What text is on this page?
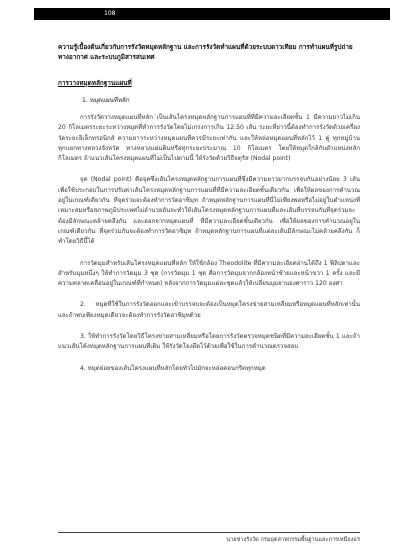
108

ความรู้เบื้องต้นเกี่ยวกับการรังวัดหมุดหลักฐาน และการรังวัดทำแผนที่ด้วยระบบดาวเทียม การทำแผนที่รูปถ่ายทางอากาศ และระบบภูมิสารสนเทศ

การวางหมุดหลักฐานแผนที่

1. หมุดแผนที่หลัก

การรังวัดวางหมุดแผนที่หลัก เป็นเส้นโครงหมุดหลักฐานการแผนที่ที่มีความละเอียดชั้น 1 มีความยาวไม่เกิน 20 กิโลเมตรระยะระหว่างหมุดที่ทำการรังวัดโดยไม่เกรงการเกิน 12.50 เส้น ระยะที่ยาวนี้ต้องทำการรังวัดด้วยเครื่องวัดระยะอิเล็กทรอนิกส์ ความยาวระหว่างหมุดแผนที่ควรมีระยะเท่ากัน และให้หล่อหมุดแผนที่หลักไว้ 1 คู่ ทุกหมู่บ้าน ทุกแยกทางหลวงจังหวัด ทางหลวงแผ่นดินหรือทุกระยะประมาณ 10 กิโลเมตร โดยให้หมุดใกล้กับตำแหน่งหลักกิโลเมตร ถ้าแนวเส้นโครงหมุดแผนที่ไม่เป็นไปตามนี้ ให้รังวัดด้วยวิธีจตุรัส (Nodal point)

จุด (Nodal point) คือจุดซึ่งเส้นโครงหมุดหลักฐานการแผนที่ซึ่งมีความยาวมากบรรจบกันอย่างน้อย 3 เส้น เพื่อใช้ประกอบในการปรับค่าเส้นโครงหมุดหลักฐานการแผนที่ที่มีความละเอียดชั้นเดียวกัน เพื่อให้ผลของการคำนวณอยู่ในเกณฑ์เดียวกัน ที่จุดร่วมจะต้องทำการวัดอาซิมุท ถ้าหมุดหลักฐานการแผนที่นี่ไม่เพียงพอหรือไม่อยู่ในตำแหน่งที่เหมาะสมหรือสภาพภูมิประเทศไม่อำนวยอันจะทำให้เส้นโครงหมุดหลักฐานการแผนที่และเส้นที่บรรจบกันที่จุดร่วมจะต้องมีลักษณะคล้ายคลึงกัน และออกจากหมุดแผนที่ ที่มีความละเอียดชั้นเดียวกัน เพื่อให้ผลของการคำนวณอยู่ในเกณฑ์เดียวกัน ที่จุดร่วมกันจะต้องทำการวัดอาซิมุท ถ้าหมุดหลักฐานการแผนที่แต่ละเส้นมีลักษณะไม่คล้ายคลึงกัน ก็ทำโดยวิธีนี้ได้

การวัดมุมสำหรับเส้นโครงหมุดแผนที่หลัก ให้ใช้กล้อง Theodolite ที่มีความละเอียดอ่านได้ถึง 1 ฟิลิปดาและสำหรับมุมหนึ่งๆ ให้ทำการวัดมุม 3 ชุด (การวัดมุม 1 ชุด คือการวัดมุมจากกล้องหน้าซ้ายและหน้าขวา 1 ครั้ง และมีความคลาดเคลื่อนอยู่ในเกณฑ์ที่กำหนด) หลังจากการวัดมุมแต่ละชุดแล้วให้เปลี่ยนมุมจานองศาราว 120 องศา

2. หมุดที่ใช้ในการรังวัดออกและเข้าบรรจบจะต้องเป็นหมุดโครงข่ายสามเหลี่ยมหรือหมุดแผนที่หลักเท่านั้น และถ้าพบเพียงหมุดเดียวจะต้องทำการรังวัดอาซิมุทด้วย

3. ให้ทำการรังวัดโดยวิธีโครงข่ายสามเหลี่ยมหรือโดยการรังวัดตรวจหมุดชนิดที่มีความละเอียดชั้น 1 และถ้าแนวเส้นโค้งหมุดหลักฐานการแผนที่เดิม ให้รังวัดโยงยึดไว้ด้วยเพื่อใช้ในการคำนวณตรวจสอบ

4. หมุดย่อยของเส้นโครงแผนที่หลักโดยทั่วไปมักจะหล่อคอนกรีตทุกหมุด

นายช่างรังวัด กรมอุตสาหกรรมพื้นฐานและการเหมืองแร่
